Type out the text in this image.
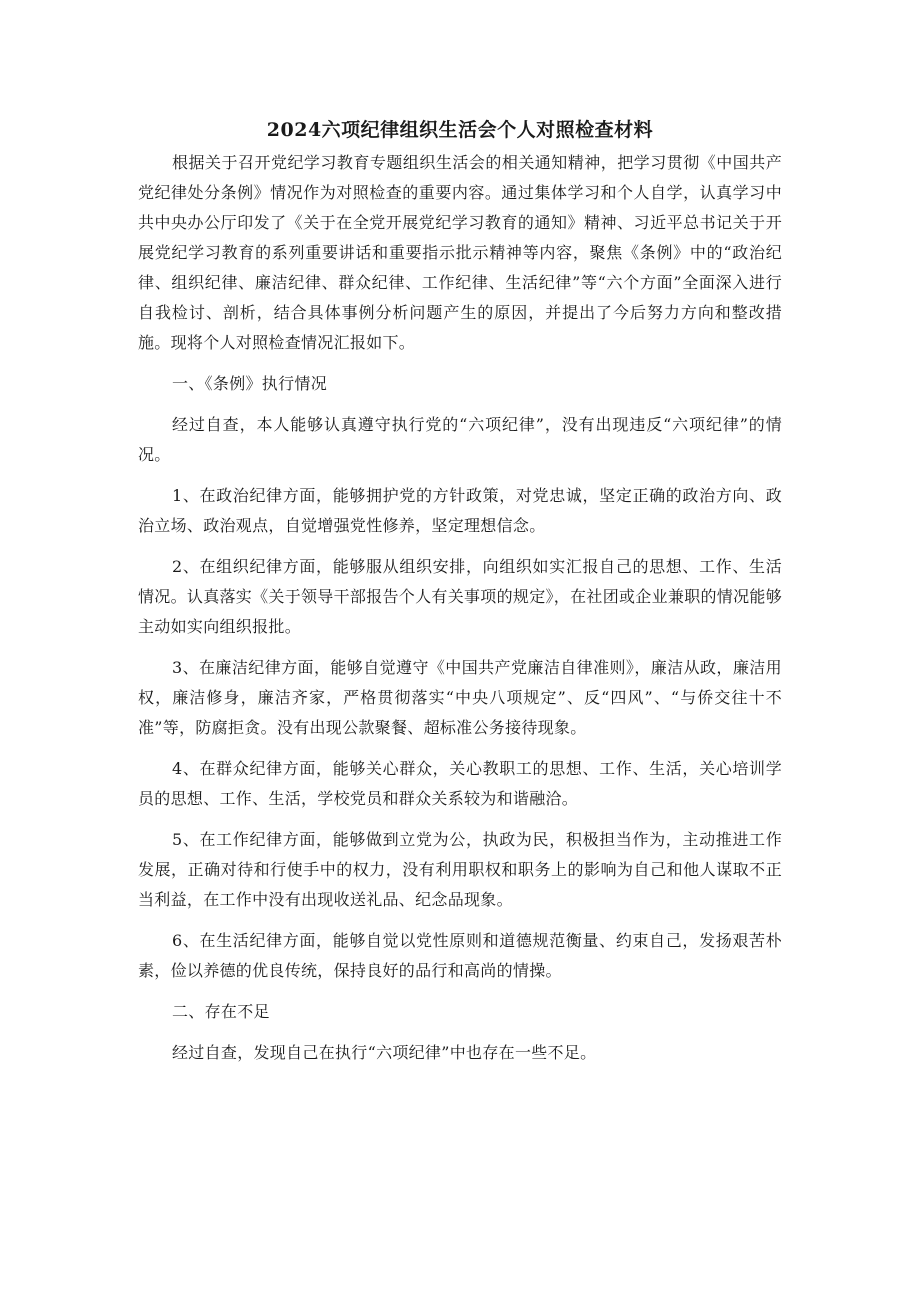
2024六项纪律组织生活会个人对照检查材料

根据关于召开党纪学习教育专题组织生活会的相关通知精神，把学习贯彻《中国共产党纪律处分条例》情况作为对照检查的重要内容。通过集体学习和个人自学，认真学习中共中央办公厅印发了《关于在全党开展党纪学习教育的通知》精神、习近平总书记关于开展党纪学习教育的系列重要讲话和重要指示批示精神等内容，聚焦《条例》中的“政治纪律、组织纪律、廉洁纪律、群众纪律、工作纪律、生活纪律”等“六个方面”全面深入进行自我检讨、剖析，结合具体事例分析问题产生的原因，并提出了今后努力方向和整改措施。现将个人对照检查情况汇报如下。

一、《条例》执行情况

经过自查，本人能够认真遵守执行党的“六项纪律”，没有出现违反“六项纪律”的情况。

1、在政治纪律方面，能够拥护党的方针政策，对党忠诚，坚定正确的政治方向、政治立场、政治观点，自觉增强党性修养，坚定理想信念。

2、在组织纪律方面，能够服从组织安排，向组织如实汇报自己的思想、工作、生活情况。认真落实《关于领导干部报告个人有关事项的规定》，在社团或企业兼职的情况能够主动如实向组织报批。

3、在廉洁纪律方面，能够自觉遵守《中国共产党廉洁自律准则》，廉洁从政，廉洁用权，廉洁修身，廉洁齐家，严格贯彻落实“中央八项规定”、反“四风”、“与侨交往十不准”等，防腐拒贪。没有出现公款聚餐、超标准公务接待现象。

4、在群众纪律方面，能够关心群众，关心教职工的思想、工作、生活，关心培训学员的思想、工作、生活，学校党员和群众关系较为和谐融洽。

5、在工作纪律方面，能够做到立党为公，执政为民，积极担当作为，主动推进工作发展，正确对待和行使手中的权力，没有利用职权和职务上的影响为自己和他人谋取不正当利益，在工作中没有出现收送礼品、纪念品现象。

6、在生活纪律方面，能够自觉以党性原则和道德规范衡量、约束自己，发扬艰苦朴素，俭以养德的优良传统，保持良好的品行和高尚的情操。

二、存在不足

经过自查，发现自己在执行“六项纪律”中也存在一些不足。
